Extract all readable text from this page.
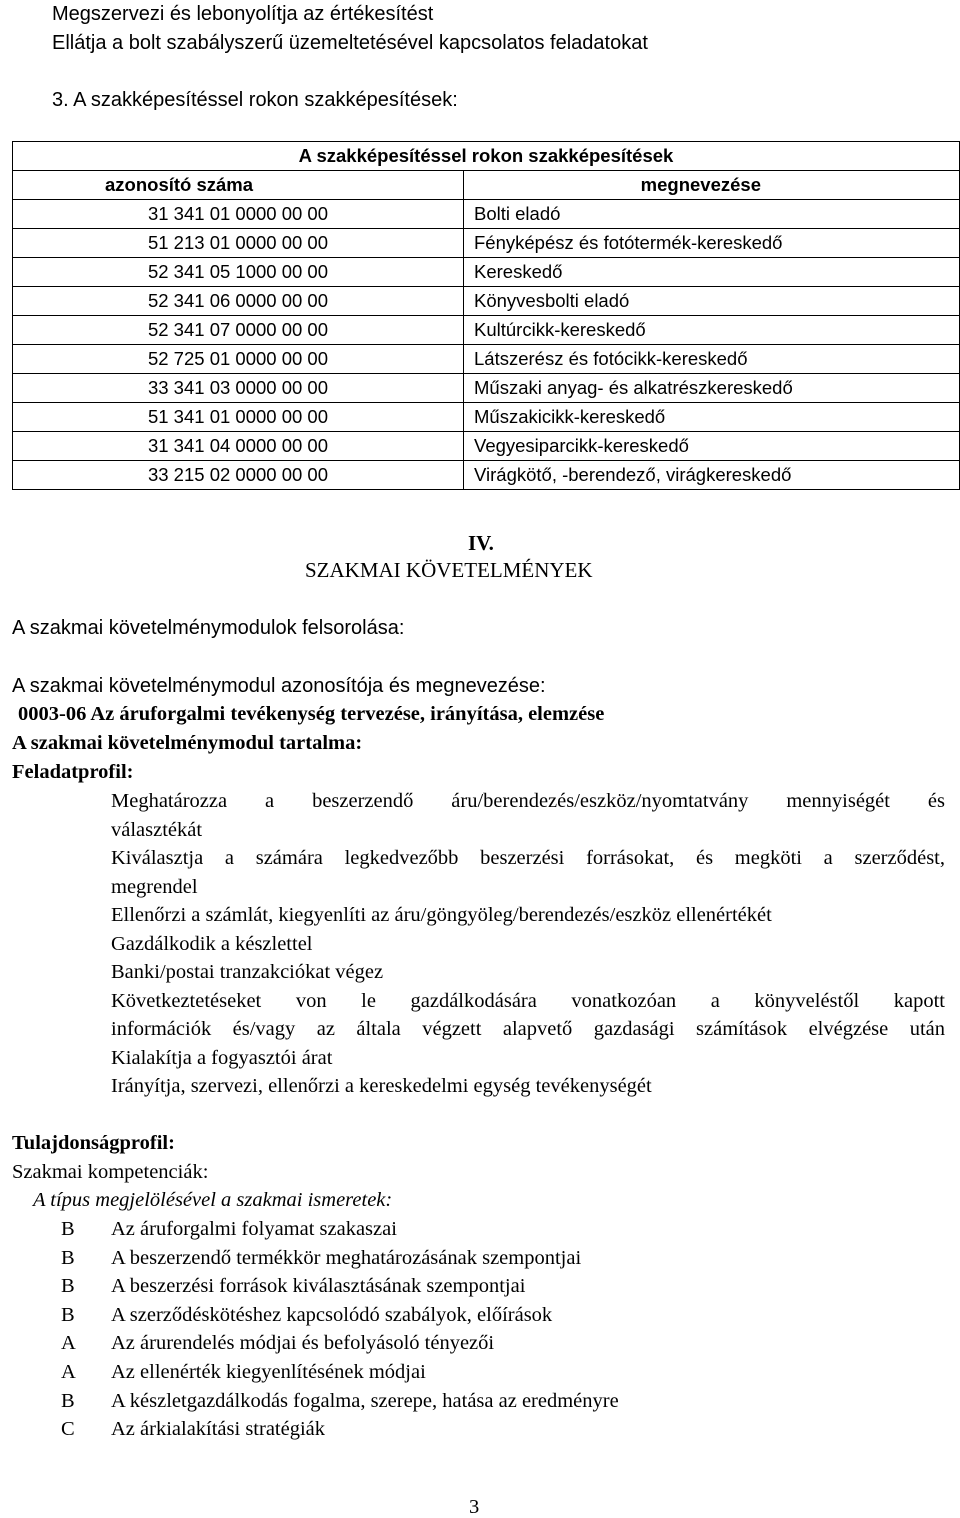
Megszervezi és lebonyolítja az értékesítést
Ellátja a bolt szabályszerű üzemeltetésével kapcsolatos feladatokat
3. A szakképesítéssel rokon szakképesítések:
A szakképesítéssel rokon szakképesítések	
azonosító száma	megnevezése
31 341 01 0000 00 00	Bolti eladó
51 213 01 0000 00 00	Fényképész és fotótermék-kereskedő
52 341 05 1000 00 00	Kereskedő
52 341 06 0000 00 00	Könyvesbolti eladó
52 341 07 0000 00 00	Kultúrcikk-kereskedő
52 725 01 0000 00 00	Látszerész és fotócikk-kereskedő
33 341 03 0000 00 00	Műszaki anyag- és alkatrészkereskedő
51 341 01 0000 00 00	Műszakicikk-kereskedő
31 341 04 0000 00 00	Vegyesiparcikk-kereskedő
33 215 02 0000 00 00	Virágkötő, -berendező, virágkereskedő
IV.
SZAKMAI KÖVETELMÉNYEK
A szakmai követelménymodulok felsorolása:
A szakmai követelménymodul azonosítója és megnevezése:
0003-06 Az áruforgalmi tevékenység tervezése, irányítása, elemzése
A szakmai követelménymodul tartalma:
Feladatprofil:
Meghatározza a beszerzendő áru/berendezés/eszköz/nyomtatvány mennyiségét és
választékát
Kiválasztja a számára legkedvezőbb beszerzési forrásokat, és megköti a szerződést,
megrendel
Ellenőrzi a számlát, kiegyenlíti az áru/göngyöleg/berendezés/eszköz ellenértékét
Gazdálkodik a készlettel
Banki/postai tranzakciókat végez
Következtetéseket von le gazdálkodására vonatkozóan a könyveléstől kapott
információk és/vagy az általa végzett alapvető gazdasági számítások elvégzése után
Kialakítja a fogyasztói árat
Irányítja, szervezi, ellenőrzi a kereskedelmi egység tevékenységét
Tulajdonságprofil:
Szakmai kompetenciák:
A típus megjelölésével a szakmai ismeretek:
B Az áruforgalmi folyamat szakaszai
B A beszerzendő termékkör meghatározásának szempontjai
B A beszerzési források kiválasztásának szempontjai
B A szerződéskötéshez kapcsolódó szabályok, előírások
A Az árurendelés módjai és befolyásoló tényezői
A Az ellenérték kiegyenlítésének módjai
B A készletgazdálkodás fogalma, szerepe, hatása az eredményre
C Az árkialakítási stratégiák
3
